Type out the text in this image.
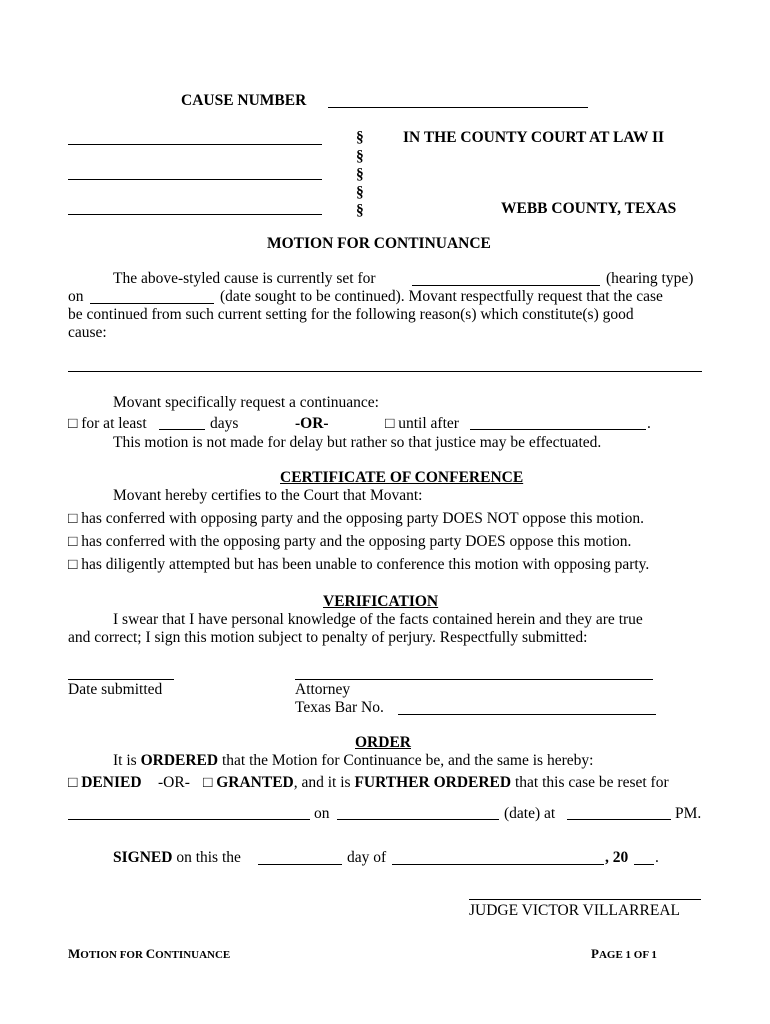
CAUSE NUMBER
§
§
§
§
§
IN THE COUNTY COURT AT LAW II
WEBB COUNTY, TEXAS
MOTION FOR CONTINUANCE
The above-styled cause is currently set for	(hearing type)
on	(date sought to be continued). Movant respectfully request that the case
be continued from such current setting for the following reason(s) which constitute(s) good
cause:
Movant specifically request a continuance:
□ for at least	days	-OR-	□ until after	.
This motion is not made for delay but rather so that justice may be effectuated.
CERTIFICATE OF CONFERENCE
Movant hereby certifies to the Court that Movant:
□ has conferred with opposing party and the opposing party DOES NOT oppose this motion.
□ has conferred with the opposing party and the opposing party DOES oppose this motion.
□ has diligently attempted but has been unable to conference this motion with opposing party.
VERIFICATION
I swear that I have personal knowledge of the facts contained herein and they are true
and correct; I sign this motion subject to penalty of perjury. Respectfully submitted:
Date submitted	Attorney
Texas Bar No.
ORDER
It is ORDERED that the Motion for Continuance be, and the same is hereby:
□ DENIED -OR- □ GRANTED, and it is FURTHER ORDERED that this case be reset for
on	(date) at	PM.
SIGNED on this the	day of	, 20 .
JUDGE VICTOR VILLARREAL
MOTION FOR CONTINUANCE	PAGE 1 OF 1
